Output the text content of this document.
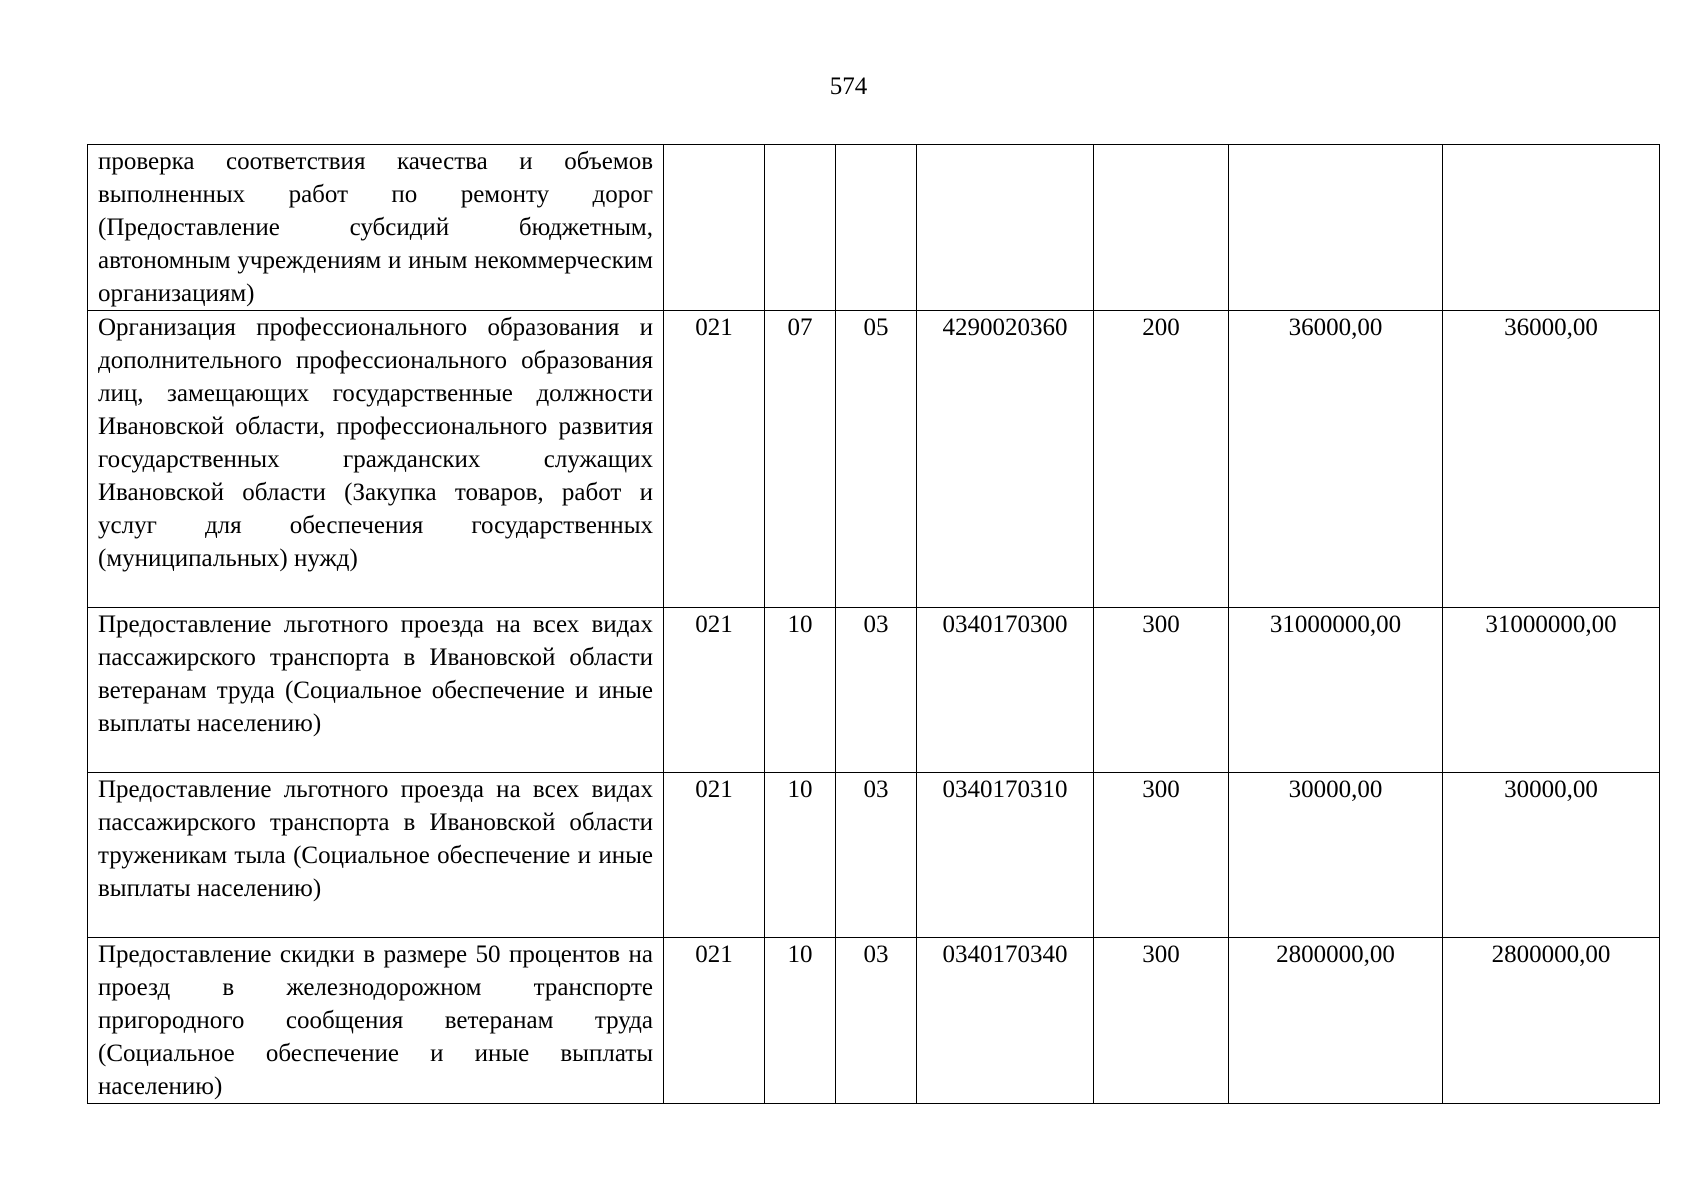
574
проверка соответствия качества и объемов выполненных работ по ремонту дорог (Предоставление субсидий бюджетным, автономным учреждениям и иным некоммерческим организациям)							
Организация профессионального образования и дополнительного профессионального образования лиц, замещающих государственные должности Ивановской области, профессионального развития государственных гражданских служащих Ивановской области (Закупка товаров, работ и услуг для обеспечения государственных (муниципальных) нужд)	021	07	05	4290020360	200	36000,00	36000,00
Предоставление льготного проезда на всех видах пассажирского транспорта в Ивановской области ветеранам труда (Социальное обеспечение и иные выплаты населению)	021	10	03	0340170300	300	31000000,00	31000000,00
Предоставление льготного проезда на всех видах пассажирского транспорта в Ивановской области труженикам тыла (Социальное обеспечение и иные выплаты населению)	021	10	03	0340170310	300	30000,00	30000,00
Предоставление скидки в размере 50 процентов на проезд в железнодорожном транспорте пригородного сообщения ветеранам труда (Социальное обеспечение и иные выплаты населению)	021	10	03	0340170340	300	2800000,00	2800000,00
